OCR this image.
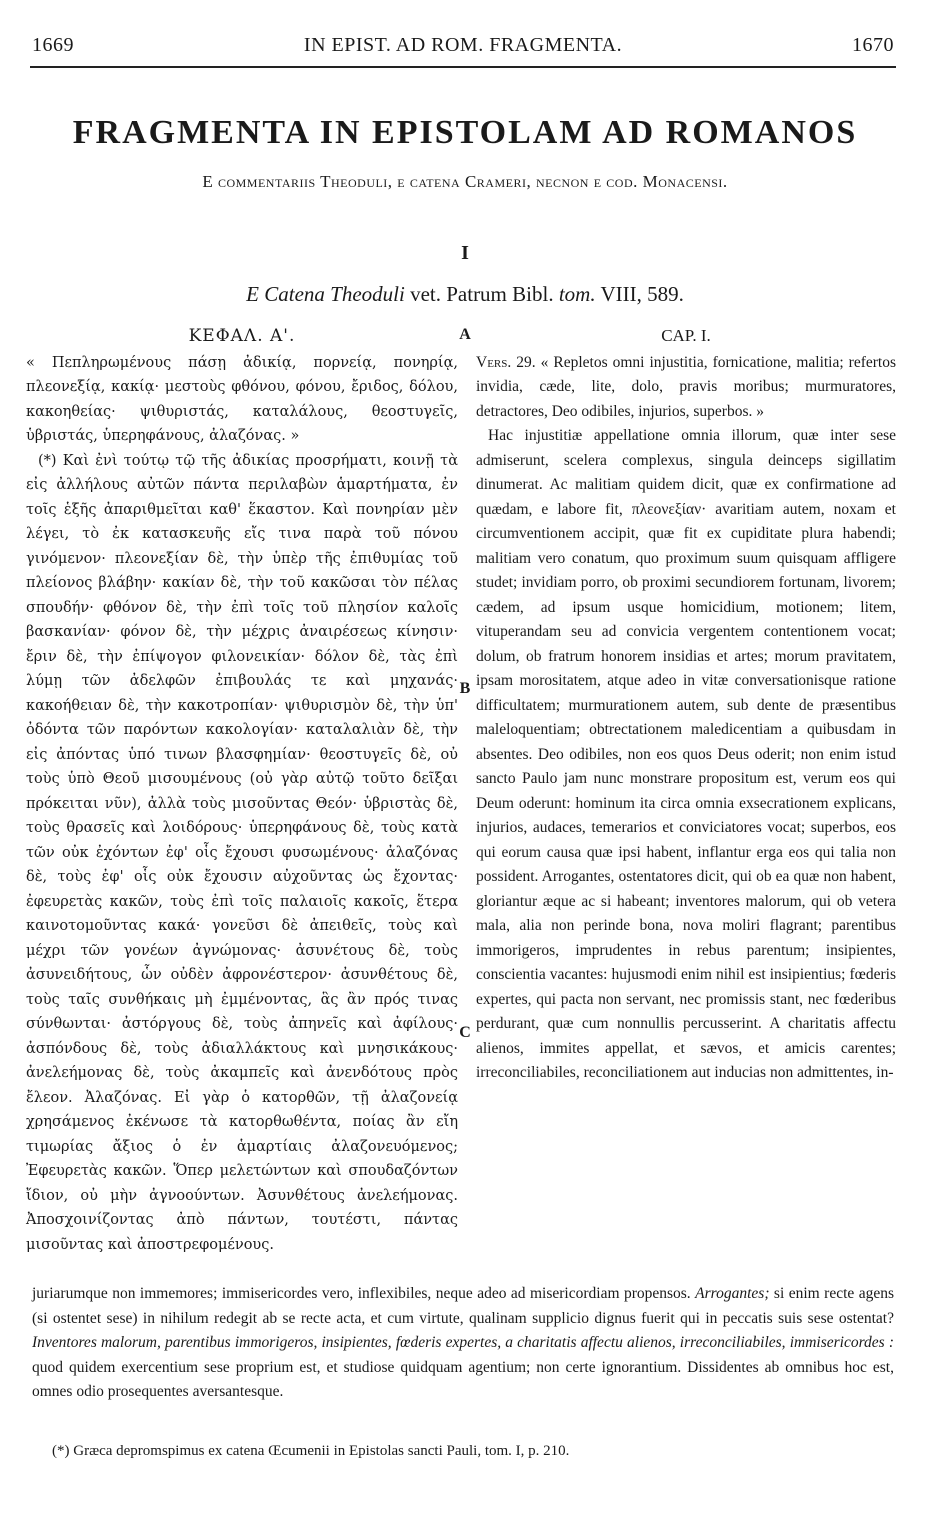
1669	IN EPIST. AD ROM. FRAGMENTA.	1670
FRAGMENTA IN EPISTOLAM AD ROMANOS
E commentariis Theoduli, e catena Crameri, necnon e cod. Monacensi.
I
E Catena Theoduli vet. Patrum Bibl. tom. VIII, 589.
ΚΕΦΑΛ. Α'.

« Πεπληρωμένους πάσῃ ἀδικίᾳ, πορνείᾳ, πονηρίᾳ, πλεονεξίᾳ, κακίᾳ· μεστοὺς φθόνου, φόνου, ἔριδος, δόλου, κακοηθείας· ψιθυριστάς, καταλάλους, θεοστυγεῖς, ὑβριστάς, ὑπερηφάνους, ἀλαζόνας. »

(*) Καὶ ἐνὶ τούτῳ τῷ τῆς ἀδικίας προσρήματι, κοινῇ τὰ εἰς ἀλλήλους αὐτῶν πάντα περιλαβὼν ἁμαρτήματα, ἐν τοῖς ἑξῆς ἀπαριθμεῖται καθ' ἕκαστον. Καὶ πονηρίαν μὲν λέγει, τὸ ἐκ κατασκευῆς εἴς τινα παρὰ τοῦ πόνου γινόμενον· πλεονεξίαν δὲ, τὴν ὑπὲρ τῆς ἐπιθυμίας τοῦ πλείονος βλάβην· κακίαν δὲ, τὴν τοῦ κακῶσαι τὸν πέλας σπουδήν· φθόνον δὲ, τὴν ἐπὶ τοῖς τοῦ πλησίον καλοῖς βασκανίαν· φόνον δὲ, τὴν μέχρις ἀναιρέσεως κίνησιν· ἔριν δὲ, τὴν ἐπίψογον φιλονεικίαν· δόλον δὲ, τὰς ἐπὶ λύμῃ τῶν ἀδελφῶν ἐπιβουλάς τε καὶ μηχανάς· κακοήθειαν δὲ, τὴν κακοτροπίαν· ψιθυρισμὸν δὲ, τὴν ὑπ' ὀδόντα τῶν παρόντων κακολογίαν· καταλαλιὰν δὲ, τὴν εἰς ἀπόντας ὑπό τινων βλασφημίαν· θεοστυγεῖς δὲ, οὐ τοὺς ὑπὸ Θεοῦ μισουμένους (οὐ γὰρ αὐτῷ τοῦτο δεῖξαι πρόκειται νῦν), ἀλλὰ τοὺς μισοῦντας Θεόν· ὑβριστὰς δὲ, τοὺς θρασεῖς καὶ λοιδόρους· ὑπερηφάνους δὲ, τοὺς κατὰ τῶν οὐκ ἐχόντων ἐφ' οἷς ἔχουσι φυσωμένους· ἀλαζόνας δὲ, τοὺς ἐφ' οἷς οὐκ ἔχουσιν αὐχοῦντας ὡς ἔχοντας· ἐφευρετὰς κακῶν, τοὺς ἐπὶ τοῖς παλαιοῖς κακοῖς, ἕτερα καινοτομοῦντας κακά· γονεῦσι δὲ ἀπειθεῖς, τοὺς καὶ μέχρι τῶν γονέων ἀγνώμονας· ἀσυνέτους δὲ, τοὺς ἀσυνειδήτους, ὧν οὐδὲν ἀφρονέστερον· ἀσυνθέτους δὲ, τοὺς ταῖς συνθήκαις μὴ ἐμμένοντας, ἃς ἂν πρός τινας σύνθωνται· ἀστόργους δὲ, τοὺς ἀπηνεῖς καὶ ἀφίλους· ἀσπόνδους δὲ, τοὺς ἀδιαλλάκτους καὶ μνησικάκους· ἀνελεήμονας δὲ, τοὺς ἀκαμπεῖς καὶ ἀνενδότους πρὸς ἔλεον. Ἀλαζόνας. Εἰ γὰρ ὁ κατορθῶν, τῇ ἀλαζονείᾳ χρησάμενος ἐκένωσε τὰ κατορθωθέντα, ποίας ἂν εἴη τιμωρίας ἄξιος ὁ ἐν ἁμαρτίαις ἀλαζονευόμενος; Ἐφευρετὰς κακῶν. Ὅπερ μελετώντων καὶ σπουδαζόντων ἴδιον, οὐ μὴν ἀγνοούντων. Ἀσυνθέτους ἀνελεήμονας. Ἀποσχοινίζοντας ἀπὸ πάντων, τουτέστι, πάντας μισοῦντας καὶ ἀποστρεφομένους.

A
B
C
CAP. I.

Vers. 29. « Repletos omni injustitia, fornicatione, malitia; refertos invidia, cæde, lite, dolo, pravis moribus; murmuratores, detractores, Deo odibiles, injurios, superbos. »

Hac injustitiæ appellatione omnia illorum, quæ inter sese admiserunt, scelera complexus, singula deinceps sigillatim dinumerat. Ac malitiam quidem dicit, quæ ex confirmatione ad quædam, e labore fit, πλεονεξίαν· avaritiam autem, noxam et circumventionem accipit, quæ fit ex cupiditate plura habendi; malitiam vero conatum, quo proximum suum quisquam affligere studet; invidiam porro, ob proximi secundiorem fortunam, livorem; cædem, ad ipsum usque homicidium, motionem; litem, vituperandam seu ad convicia vergentem contentionem vocat; dolum, ob fratrum honorem insidias et artes; morum pravitatem, ipsam morositatem, atque adeo in vitæ conversationisque ratione difficultatem; murmurationem autem, sub dente de præsentibus maleloquentiam; obtrectationem maledicentiam a quibusdam in absentes. Deo odibiles, non eos quos Deus oderit; non enim istud sancto Paulo jam nunc monstrare propositum est, verum eos qui Deum oderunt: hominum ita circa omnia exsecrationem explicans, injurios, audaces, temerarios et conviciatores vocat; superbos, eos qui eorum causa quæ ipsi habent, inflantur erga eos qui talia non possident. Arrogantes, ostentatores dicit, qui ob ea quæ non habent, gloriantur æque ac si habeant; inventores malorum, qui ob vetera mala, alia non perinde bona, nova moliri flagrant; parentibus immorigeros, imprudentes in rebus parentum; insipientes, conscientia vacantes: hujusmodi enim nihil est insipientius; fœderis expertes, qui pacta non servant, nec promissis stant, nec fœderibus perdurant, quæ cum nonnullis percusserint. A charitatis affectu alienos, immites appellat, et sævos, et amicis carentes; irreconciliabiles, reconciliationem aut inducias non admittentes, in-

juriarumque non immemores; immisericordes vero, inflexibiles, neque adeo ad misericordiam propensos. Arrogantes; si enim recte agens (si ostentet sese) in nihilum redegit ab se recte acta, et cum virtute, qualinam supplicio dignus fuerit qui in peccatis suis sese ostentat? Inventores malorum, parentibus immorigeros, insipientes, fœderis expertes, a charitatis affectu alienos, irreconciliabiles, immisericordes : quod quidem exercentium sese proprium est, et studiose quidquam agentium; non certe ignorantium. Dissidentes ab omnibus hoc est, omnes odio prosequentes aversantesque.

(*) Græca depromspimus ex catena Œcumenii in Epistolas sancti Pauli, tom. I, p. 210.
